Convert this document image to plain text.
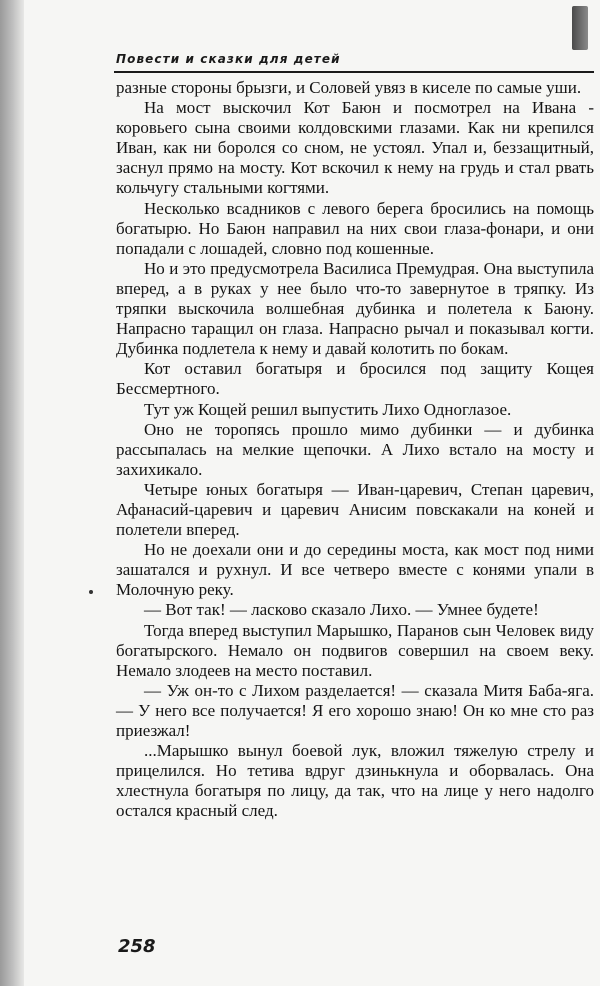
Повести и сказки для детей

разные стороны брызги, и Соловей увяз в киселе по самые уши.

На мост выскочил Кот Баюн и посмотрел на Ивана - коровьего сына своими колдовскими глазами. Как ни крепился Иван, как ни боролся со сном, не устоял. Упал и, беззащитный, заснул прямо на мосту. Кот вскочил к нему на грудь и стал рвать кольчугу стальными когтями.

Несколько всадников с левого берега бросились на помощь богатырю. Но Баюн направил на них свои глаза-фонари, и они попадали с лошадей, словно под кошенные.

Но и это предусмотрела Василиса Премудрая. Она выступила вперед, а в руках у нее было что-то завернутое в тряпку. Из тряпки выскочила волшебная дубинка и полетела к Баюну. Напрасно таращил он глаза. Напрасно рычал и показывал когти. Дубинка подлетела к нему и давай колотить по бокам.

Кот оставил богатыря и бросился под защиту Кощея Бессмертного.

Тут уж Кощей решил выпустить Лихо Одноглазое.

Оно не торопясь прошло мимо дубинки — и дубинка рассыпалась на мелкие щепочки. А Лихо встало на мосту и захихикало.

Четыре юных богатыря — Иван-царевич, Степан царевич, Афанасий-царевич и царевич Анисим повскакали на коней и полетели вперед.

Но не доехали они и до середины моста, как мост под ними зашатался и рухнул. И все четверо вместе с конями упали в Молочную реку.

— Вот так! — ласково сказало Лихо. — Умнее будете!

Тогда вперед выступил Марышко, Паранов сын Человек виду богатырского. Немало он подвигов совершил на своем веку. Немало злодеев на место поставил.

— Уж он-то с Лихом разделается! — сказала Митя Баба-яга. — У него все получается! Я его хорошо знаю! Он ко мне сто раз приезжал!

...Марышко вынул боевой лук, вложил тяжелую стрелу и прицелился. Но тетива вдруг дзинькнула и оборвалась. Она хлестнула богатыря по лицу, да так, что на лице у него надолго остался красный след.

258
